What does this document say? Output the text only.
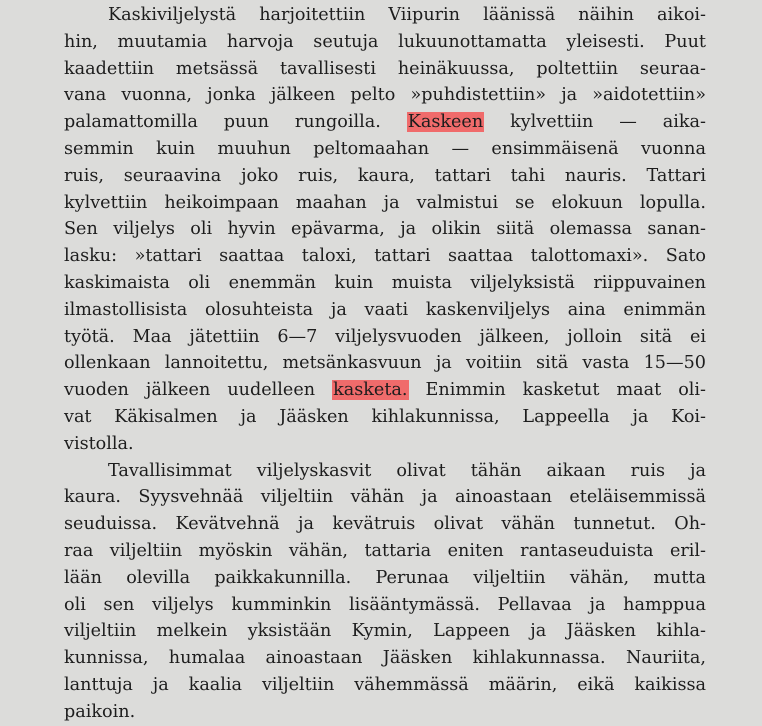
Kaskiviljelystä harjoitettiin Viipurin läänissä näihin aikoi-
hin, muutamia harvoja seutuja lukuunottamatta yleisesti. Puut
kaadettiin metsässä tavallisesti heinäkuussa, poltettiin seuraa-
vana vuonna, jonka jälkeen pelto »puhdistettiin» ja »aidotettiin»
palamattomilla puun rungoilla. Kaskeen kylvettiin — aika-
semmin kuin muuhun peltomaahan — ensimmäisenä vuonna
ruis, seuraavina joko ruis, kaura, tattari tahi nauris. Tattari
kylvettiin heikoimpaan maahan ja valmistui se elokuun lopulla.
Sen viljelys oli hyvin epävarma, ja olikin siitä olemassa sanan-
lasku: »tattari saattaa taloxi, tattari saattaa talottomaxi». Sato
kaskimaista oli enemmän kuin muista viljelyksistä riippuvainen
ilmastollisista olosuhteista ja vaati kaskenviljelys aina enimmän
työtä. Maa jätettiin 6—7 viljelysvuoden jälkeen, jolloin sitä ei
ollenkaan lannoitettu, metsänkasvuun ja voitiin sitä vasta 15—50
vuoden jälkeen uudelleen kasketa. Enimmin kasketut maat oli-
vat Käkisalmen ja Jääsken kihlakunnissa, Lappeella ja Koi-
vistolla.

Tavallisimmat viljelyskasvit olivat tähän aikaan ruis ja
kaura. Syysvehnää viljeltiin vähän ja ainoastaan eteläisemmissä
seuduissa. Kevätvehnä ja kevätruis olivat vähän tunnetut. Oh-
raa viljeltiin myöskin vähän, tattaria eniten rantaseuduista eril-
lään olevilla paikkakunnilla. Perunaa viljeltiin vähän, mutta
oli sen viljelys kumminkin lisääntymässä. Pellavaa ja hamppua
viljeltiin melkein yksistään Kymin, Lappeen ja Jääsken kihla-
kunnissa, humalaa ainoastaan Jääsken kihlakunnassa. Nauriita,
lanttuja ja kaalia viljeltiin vähemmässä määrin, eikä kaikissa
paikoin.
